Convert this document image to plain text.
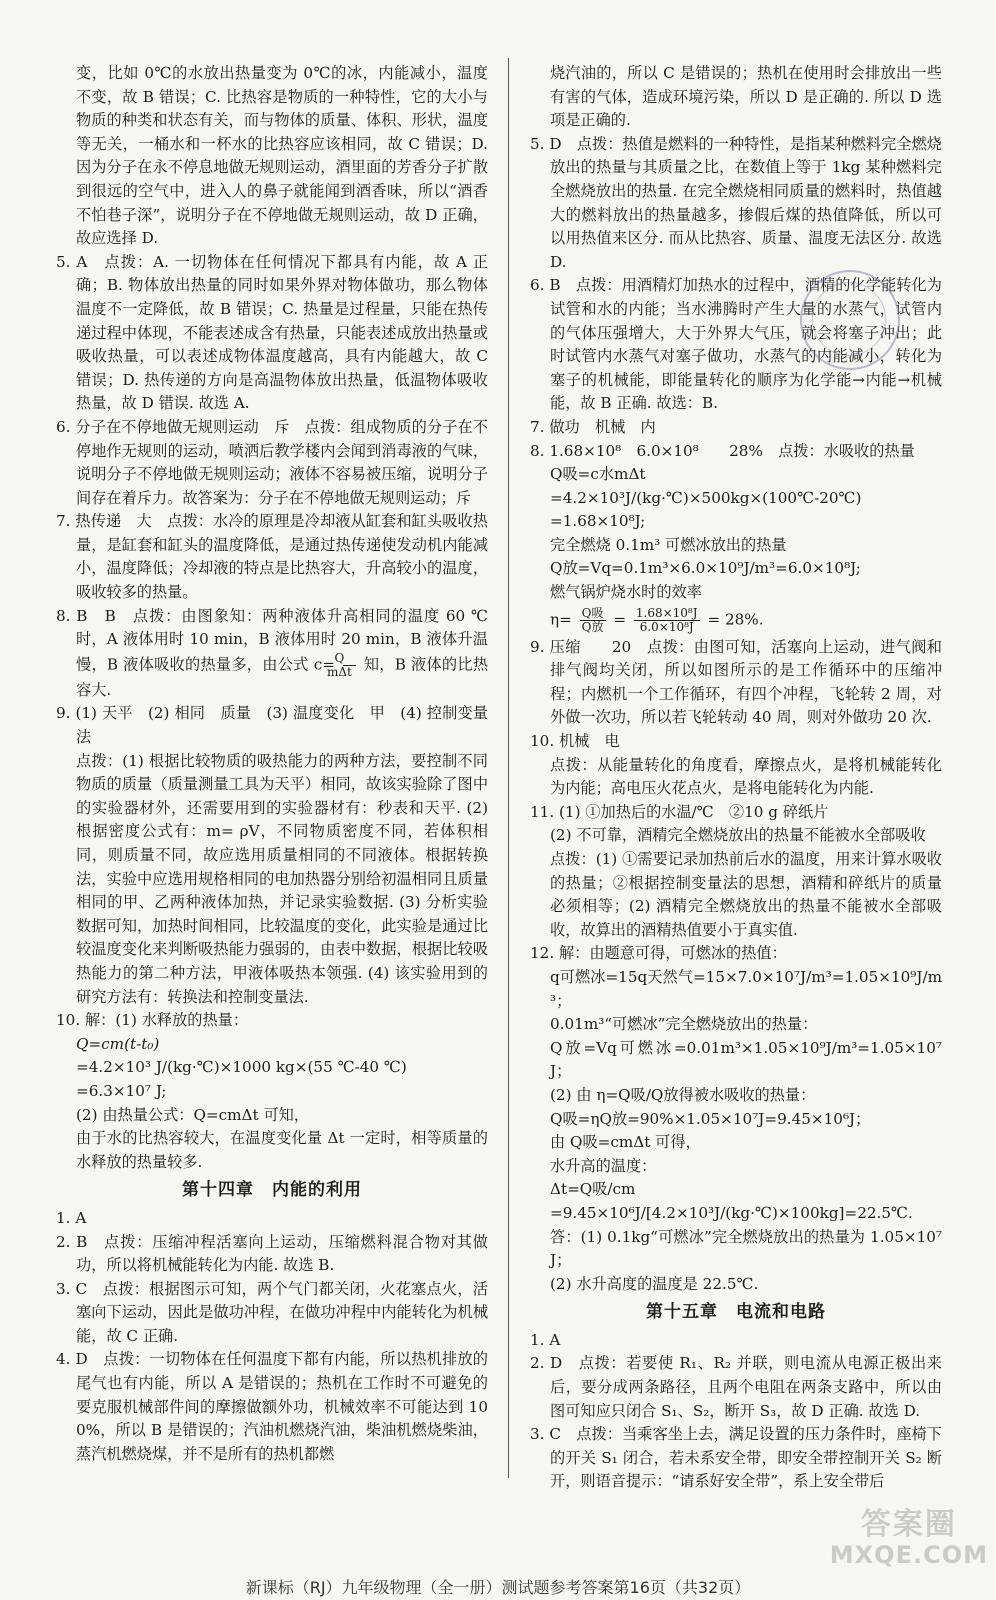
变，比如 0℃的水放出热量变为 0℃的冰，内能减小，温度不变，故 B 错误；C. 比热容是物质的一种特性，它的大小与物质的种类和状态有关，而与物体的质量、体积、形状，温度等无关，一桶水和一杯水的比热容应该相同，故 C 错误；D. 因为分子在永不停息地做无规则运动，酒里面的芳香分子扩散到很远的空气中，进入人的鼻子就能闻到酒香味，所以“酒香不怕巷子深”，说明分子在不停地做无规则运动，故 D 正确，故应选择 D.

5. A　点拨：A. 一切物体在任何情况下都具有内能，故 A 正确；B. 物体放出热量的同时如果外界对物体做功，那么物体温度不一定降低，故 B 错误；C. 热量是过程量，只能在热传递过程中体现，不能表述成含有热量，只能表述成放出热量或吸收热量，可以表述成物体温度越高，具有内能越大，故 C 错误；D. 热传递的方向是高温物体放出热量，低温物体吸收热量，故 D 错误. 故选 A.

6. 分子在不停地做无规则运动　斥　点拨：组成物质的分子在不停地作无规则的运动，喷洒后教学楼内会闻到消毒液的气味，说明分子不停地做无规则运动；液体不容易被压缩，说明分子间存在着斥力。故答案为：分子在不停地做无规则运动；斥

7. 热传递　大　点拨：水冷的原理是冷却液从缸套和缸头吸收热量，是缸套和缸头的温度降低，是通过热传递使发动机内能减小，温度降低；冷却液的特点是比热容大，升高较小的温度，吸收较多的热量。

8. B　B　点拨：由图象知：两种液体升高相同的温度 60 ℃时，A 液体用时 10 min，B 液体用时 20 min，B 液体升温慢，B 液体吸收的热量多，由公式 $c= \frac{Q}{\text{mΔt}}$ 知，B 液体的比热容大.

9. (1) 天平　(2) 相同　质量　(3) 温度变化　甲　(4) 控制变量法

点拨：(1) 根据比较物质的吸热能力的两种方法，要控制不同物质的质量（质量测量工具为天平）相同，故该实验除了图中的实验器材外，还需要用到的实验器材有：秒表和天平. (2) 根据密度公式有：m= ρV，不同物质密度不同，若体积相同，则质量不同，故应选用质量相同的不同液体。根据转换法，实验中应选用规格相同的电加热器分别给初温相同且质量相同的甲、乙两种液体加热，并记录实验数据. (3) 分析实验数据可知，加热时间相同，比较温度的变化，此实验是通过比较温度变化来判断吸热能力强弱的，由表中数据，根据比较吸热能力的第二种方法，甲液体吸热本领强. (4) 该实验用到的研究方法有：转换法和控制变量法.

10. 解：(1) 水释放的热量：

Q=cm(t-t₀)

=4.2×10³ J/(kg·℃)×1000 kg×(55 ℃-40 ℃)

=6.3×10⁷ J;

(2) 由热量公式：Q=cmΔt 可知，

由于水的比热容较大，在温度变化量 Δt 一定时，相等质量的水释放的热量较多.

第十四章　内能的利用

1. A

2. B　点拨：压缩冲程活塞向上运动，压缩燃料混合物对其做功，所以将机械能转化为内能. 故选 B.

3. C　点拨：根据图示可知，两个气门都关闭，火花塞点火，活塞向下运动，因此是做功冲程，在做功冲程中内能转化为机械能，故 C 正确.

4. D　点拨：一切物体在任何温度下都有内能，所以热机排放的尾气也有内能，所以 A 是错误的；热机在工作时不可避免的要克服机械部件间的摩擦做额外功，机械效率不可能达到 100%，所以 B 是错误的；汽油机燃烧汽油，柴油机燃烧柴油，蒸汽机燃烧煤，并不是所有的热机都燃

烧汽油的，所以 C 是错误的；热机在使用时会排放出一些有害的气体，造成环境污染，所以 D 是正确的. 所以 D 选项是正确的.

5. D　点拨：热值是燃料的一种特性，是指某种燃料完全燃烧放出的热量与其质量之比，在数值上等于 1kg 某种燃料完全燃烧放出的热量. 在完全燃烧相同质量的燃料时，热值越大的燃料放出的热量越多，掺假后煤的热值降低，所以可以用热值来区分. 而从比热容、质量、温度无法区分. 故选 D.

6. B　点拨：用酒精灯加热水的过程中，酒精的化学能转化为试管和水的内能；当水沸腾时产生大量的水蒸气，试管内的气体压强增大，大于外界大气压，就会将塞子冲出；此时试管内水蒸气对塞子做功，水蒸气的内能减小，转化为塞子的机械能，即能量转化的顺序为化学能→内能→机械能，故 B 正确. 故选：B.

7. 做功　机械　内

8. 1.68×10⁸　6.0×10⁸　　28%　点拨：水吸收的热量

Q吸=c水mΔt

=4.2×10³J/(kg·℃)×500kg×(100℃-20℃)

=1.68×10⁸J;

完全燃烧 0.1m³ 可燃冰放出的热量

Q放=Vq=0.1m³×6.0×10⁹J/m³=6.0×10⁸J;

燃气锅炉烧水时的效率

$\eta= \frac{\text{Q吸}}{\text{Q放}} = \frac{\text{1.68×10⁸J}}{\text{6.0×10⁸J}} = 28\%$.

9. 压缩　　20　点拨：由图可知，活塞向上运动，进气阀和排气阀均关闭，所以如图所示的是工作循环中的压缩冲程；内燃机一个工作循环，有四个冲程，飞轮转 2 周，对外做一次功，所以若飞轮转动 40 周，则对外做功 20 次.

10. 机械　电

点拨：从能量转化的角度看，摩擦点火，是将机械能转化为内能；高电压火花点火，是将电能转化为内能.

11. (1) ①加热后的水温/℃　②10 g 碎纸片

(2) 不可靠，酒精完全燃烧放出的热量不能被水全部吸收

点拨：(1) ①需要记录加热前后水的温度，用来计算水吸收的热量；②根据控制变量法的思想，酒精和碎纸片的质量必须相等；(2) 酒精完全燃烧放出的热量不能被水全部吸收，故算出的酒精热值要小于真实值.

12. 解：由题意可得，可燃冰的热值：

q可燃冰=15q天然气=15×7.0×10⁷J/m³=1.05×10⁹J/m³；

0.01m³“可燃冰”完全燃烧放出的热量：

Q放=Vq可燃冰=0.01m³×1.05×10⁹J/m³=1.05×10⁷J；

(2) 由 η=Q吸/Q放得被水吸收的热量：

Q吸=ηQ放=90%×1.05×10⁷J=9.45×10⁶J；

由 Q吸=cmΔt 可得，

水升高的温度：

Δt=Q吸/cm

=9.45×10⁶J/[4.2×10³J/(kg·℃)×100kg]=22.5℃.

答：(1) 0.1kg“可燃冰”完全燃烧放出的热量为 1.05×10⁷J；

(2) 水升高度的温度是 22.5℃.

第十五章　电流和电路

1. A

2. D　点拨：若要使 R₁、R₂ 并联，则电流从电源正极出来后，要分成两条路径，且两个电阻在两条支路中，所以由图可知应只闭合 S₁、S₂，断开 S₃，故 D 正确. 故选 D.

3. C　点拨：当乘客坐上去，满足设置的压力条件时，座椅下的开关 S₁ 闭合，若未系安全带，即安全带控制开关 S₂ 断开，则语音提示：“请系好安全带”，系上安全带后

答案圈
MXQE.COM
新课标（RJ）九年级物理（全一册）测试题参考答案第16页（共32页）
